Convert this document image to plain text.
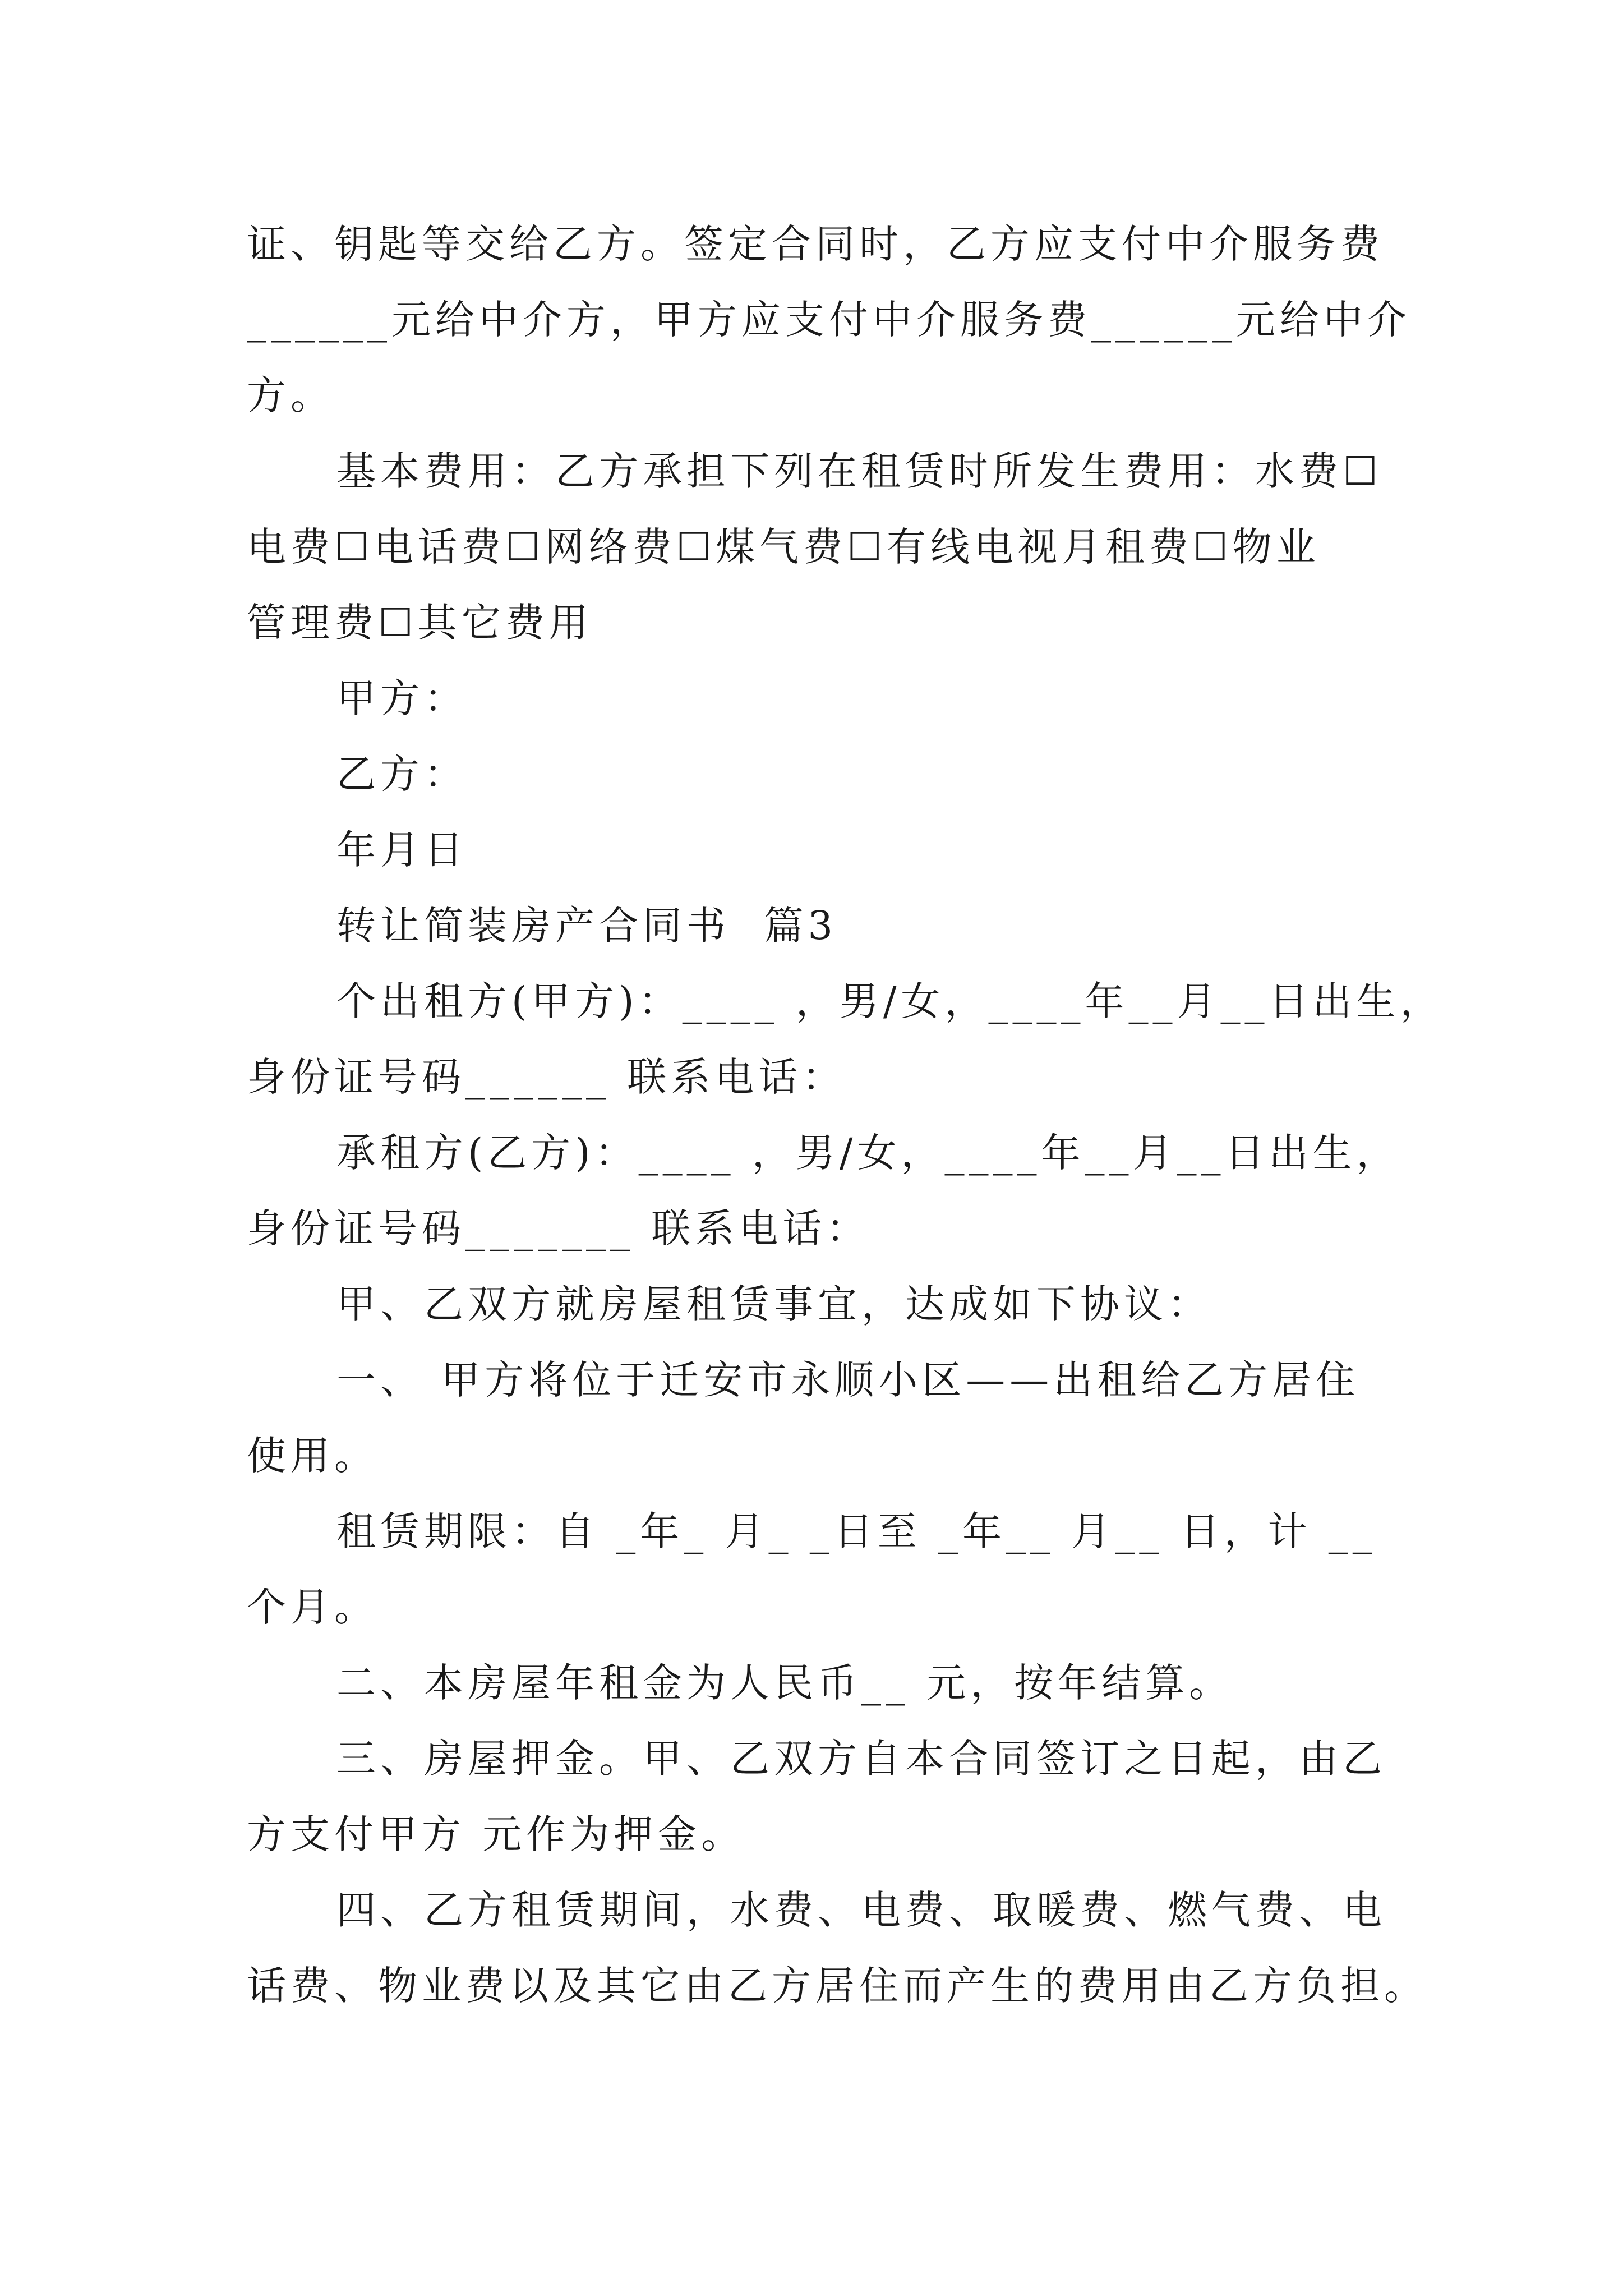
证、钥匙等交给乙方。签定合同时，乙方应支付中介服务费
______元给中介方，甲方应支付中介服务费______元给中介
方。
基本费用：乙方承担下列在租赁时所发生费用：水费☐
电费☐电话费☐网络费☐煤气费☐有线电视月租费☐物业
管理费☐其它费用
甲方：
乙方：
年月日
转让简装房产合同书  篇3
个出租方(甲方)：____ ，男/女，____年__月__日出生，
身份证号码______ 联系电话：
承租方(乙方)：____ ，男/女，____年__月__日出生，
身份证号码_______ 联系电话：
甲、乙双方就房屋租赁事宜，达成如下协议：
一、 甲方将位于迁安市永顺小区——出租给乙方居住
使用。
租赁期限：自 _年_ 月_ _日至 _年__ 月__ 日，计 __
个月。
二、本房屋年租金为人民币__ 元，按年结算。
三、房屋押金。甲、乙双方自本合同签订之日起，由乙
方支付甲方 元作为押金。
四、乙方租赁期间，水费、电费、取暖费、燃气费、电
话费、物业费以及其它由乙方居住而产生的费用由乙方负担。
